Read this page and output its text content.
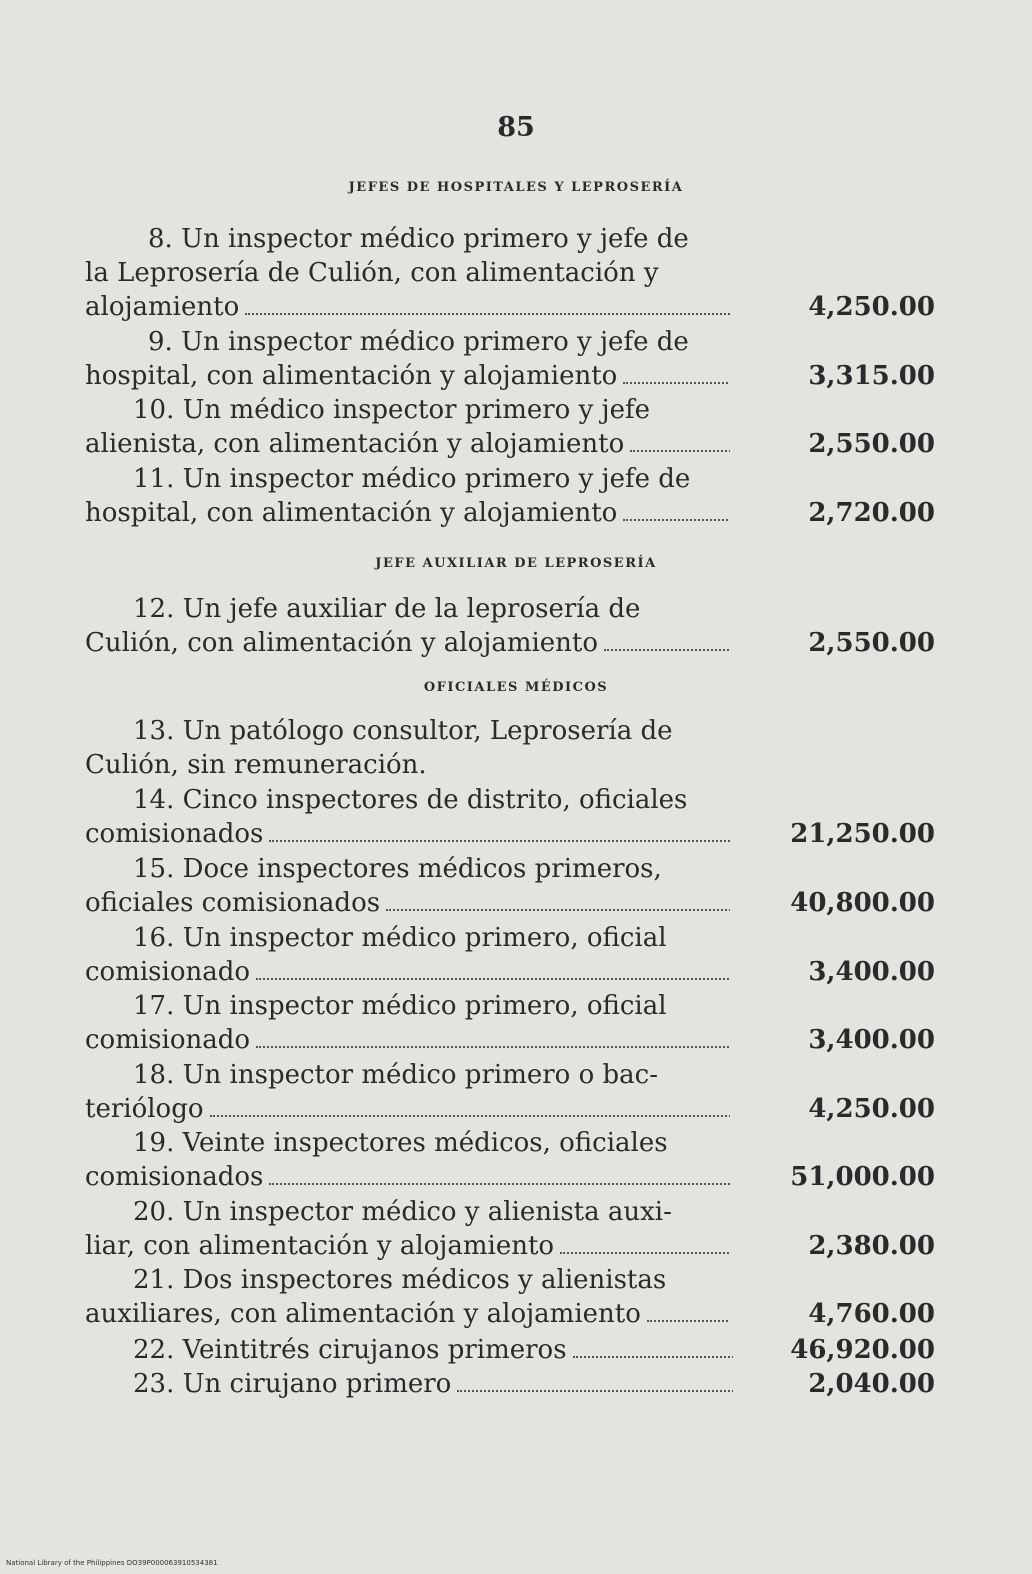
85
JEFES DE HOSPITALES Y LEPROSERÍA
8. Un inspector médico primero y jefe de
la Leprosería de Culión, con alimentación y
alojamiento	4,250.00
9. Un inspector médico primero y jefe de
hospital, con alimentación y alojamiento	3,315.00
10. Un médico inspector primero y jefe
alienista, con alimentación y alojamiento	2,550.00
11. Un inspector médico primero y jefe de
hospital, con alimentación y alojamiento	2,720.00
JEFE AUXILIAR DE LEPROSERÍA
12. Un jefe auxiliar de la leprosería de
Culión, con alimentación y alojamiento	2,550.00
OFICIALES MÉDICOS
13. Un patólogo consultor, Leprosería de
Culión, sin remuneración.
14. Cinco inspectores de distrito, oficiales
comisionados	21,250.00
15. Doce inspectores médicos primeros,
oficiales comisionados	40,800.00
16. Un inspector médico primero, oficial
comisionado	3,400.00
17. Un inspector médico primero, oficial
comisionado	3,400.00
18. Un inspector médico primero o bac-
teriólogo	4,250.00
19. Veinte inspectores médicos, oficiales
comisionados	51,000.00
20. Un inspector médico y alienista auxi-
liar, con alimentación y alojamiento	2,380.00
21. Dos inspectores médicos y alienistas
auxiliares, con alimentación y alojamiento	4,760.00
22. Veintitrés cirujanos primeros	46,920.00
23. Un cirujano primero	2,040.00
National Library of the Philippines DO39P000063910534381
